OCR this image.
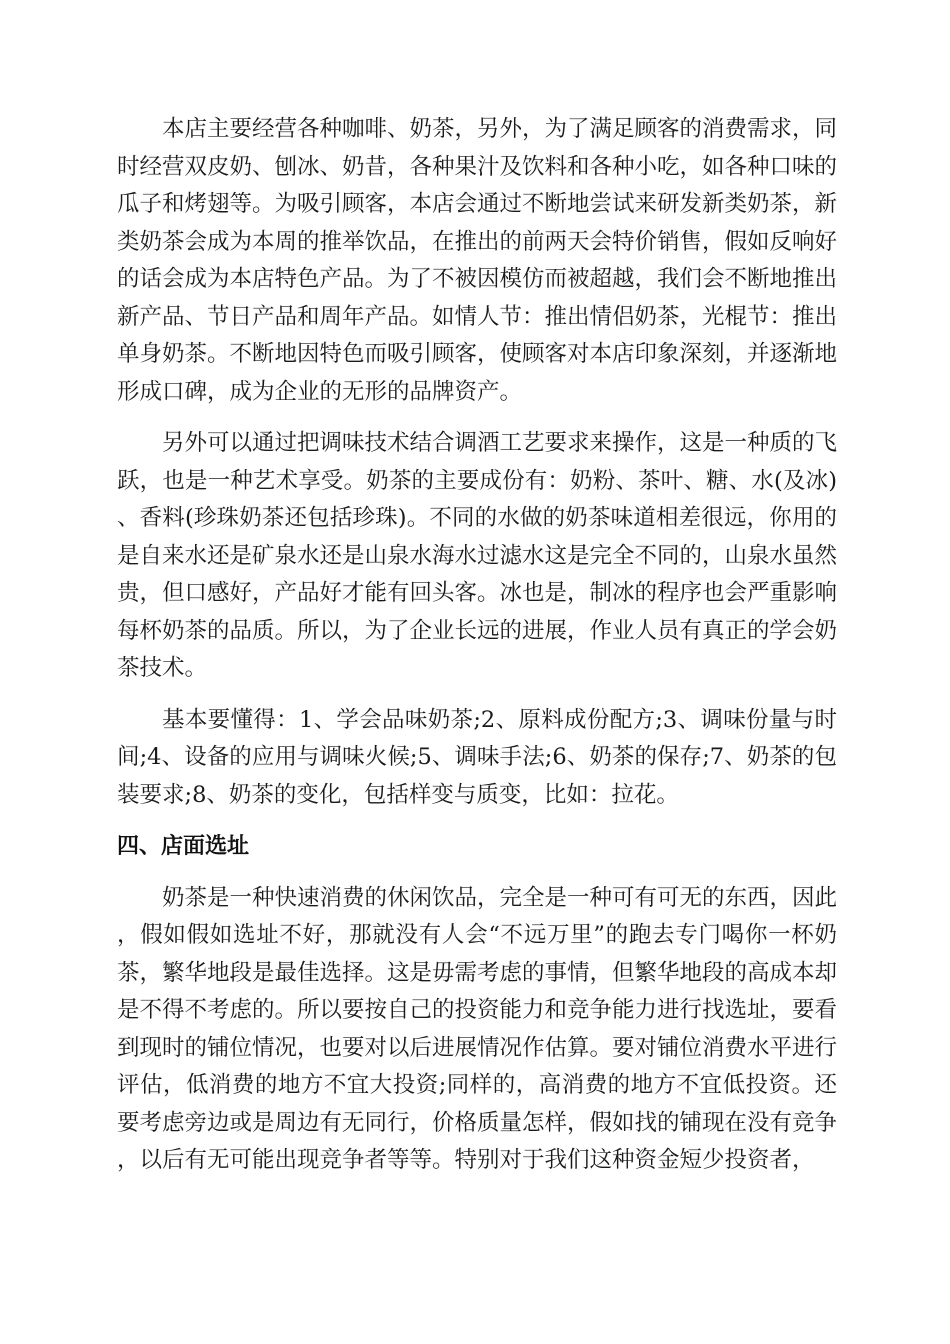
本店主要经营各种咖啡、奶茶，另外，为了满足顾客的消费需求，同时经营双皮奶、刨冰、奶昔，各种果汁及饮料和各种小吃，如各种口味的瓜子和烤翅等。为吸引顾客，本店会通过不断地尝试来研发新类奶茶，新类奶茶会成为本周的推举饮品，在推出的前两天会特价销售，假如反响好的话会成为本店特色产品。为了不被因模仿而被超越，我们会不断地推出新产品、节日产品和周年产品。如情人节：推出情侣奶茶，光棍节：推出单身奶茶。不断地因特色而吸引顾客，使顾客对本店印象深刻，并逐渐地形成口碑，成为企业的无形的品牌资产。

另外可以通过把调味技术结合调酒工艺要求来操作，这是一种质的飞跃，也是一种艺术享受。奶茶的主要成份有：奶粉、茶叶、糖、水(及冰)、香料(珍珠奶茶还包括珍珠)。不同的水做的奶茶味道相差很远，你用的是自来水还是矿泉水还是山泉水海水过滤水这是完全不同的，山泉水虽然贵，但口感好，产品好才能有回头客。冰也是，制冰的程序也会严重影响每杯奶茶的品质。所以，为了企业长远的进展，作业人员有真正的学会奶茶技术。

基本要懂得：1、学会品味奶茶;2、原料成份配方;3、调味份量与时间;4、设备的应用与调味火候;5、调味手法;6、奶茶的保存;7、奶茶的包装要求;8、奶茶的变化，包括样变与质变，比如：拉花。

四、店面选址

奶茶是一种快速消费的休闲饮品，完全是一种可有可无的东西，因此，假如假如选址不好，那就没有人会“不远万里”的跑去专门喝你一杯奶茶，繁华地段是最佳选择。这是毋需考虑的事情，但繁华地段的高成本却是不得不考虑的。所以要按自己的投资能力和竞争能力进行找选址，要看到现时的铺位情况，也要对以后进展情况作估算。要对铺位消费水平进行评估，低消费的地方不宜大投资;同样的，高消费的地方不宜低投资。还要考虑旁边或是周边有无同行，价格质量怎样，假如找的铺现在没有竞争，以后有无可能出现竞争者等等。特别对于我们这种资金短少投资者，
